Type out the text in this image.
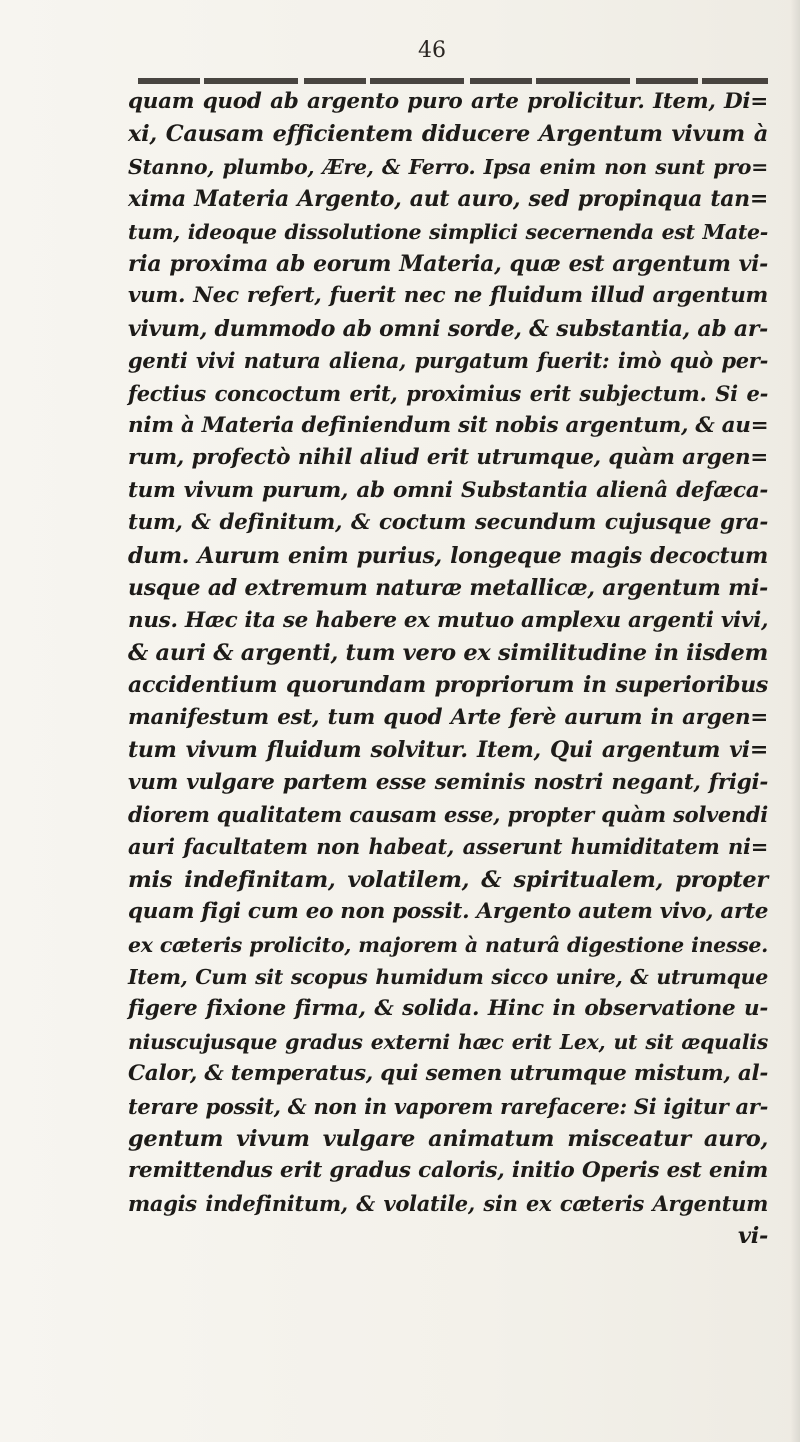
46
quam quod ab argento puro arte prolicitur. Item, Di=
xi, Causam efficientem diducere Argentum vivum à
Stanno, plumbo, Ære, & Ferro. Ipsa enim non sunt pro=
xima Materia Argento, aut auro, sed propinqua tan=
tum, ideoque dissolutione simplici secernenda est Mate-
ria proxima ab eorum Materia, quæ est argentum vi-
vum. Nec refert, fuerit nec ne fluidum illud argentum
vivum, dummodo ab omni sorde, & substantia, ab ar-
genti vivi natura aliena, purgatum fuerit: imò quò per-
fectius concoctum erit, proximius erit subjectum. Si e-
nim à Materia definiendum sit nobis argentum, & au=
rum, profectò nihil aliud erit utrumque, quàm argen=
tum vivum purum, ab omni Substantia alienâ defæca-
tum, & definitum, & coctum secundum cujusque gra-
dum. Aurum enim purius, longeque magis decoctum
usque ad extremum naturæ metallicæ, argentum mi-
nus. Hæc ita se habere ex mutuo amplexu argenti vivi,
& auri & argenti, tum vero ex similitudine in iisdem
accidentium quorundam propriorum in superioribus
manifestum est, tum quod Arte ferè aurum in argen=
tum vivum fluidum solvitur. Item, Qui argentum vi=
vum vulgare partem esse seminis nostri negant, frigi-
diorem qualitatem causam esse, propter quàm solvendi
auri facultatem non habeat, asserunt humiditatem ni=
mis indefinitam, volatilem, & spiritualem, propter
quam figi cum eo non possit. Argento autem vivo, arte
ex cæteris prolicito, majorem à naturâ digestione inesse.
Item, Cum sit scopus humidum sicco unire, & utrumque
figere fixione firma, & solida. Hinc in observatione u-
niuscujusque gradus externi hæc erit Lex, ut sit æqualis
Calor, & temperatus, qui semen utrumque mistum, al-
terare possit, & non in vaporem rarefacere: Si igitur ar-
gentum vivum vulgare animatum misceatur auro,
remittendus erit gradus caloris, initio Operis est enim
magis indefinitum, & volatile, sin ex cæteris Argentum
vi-
